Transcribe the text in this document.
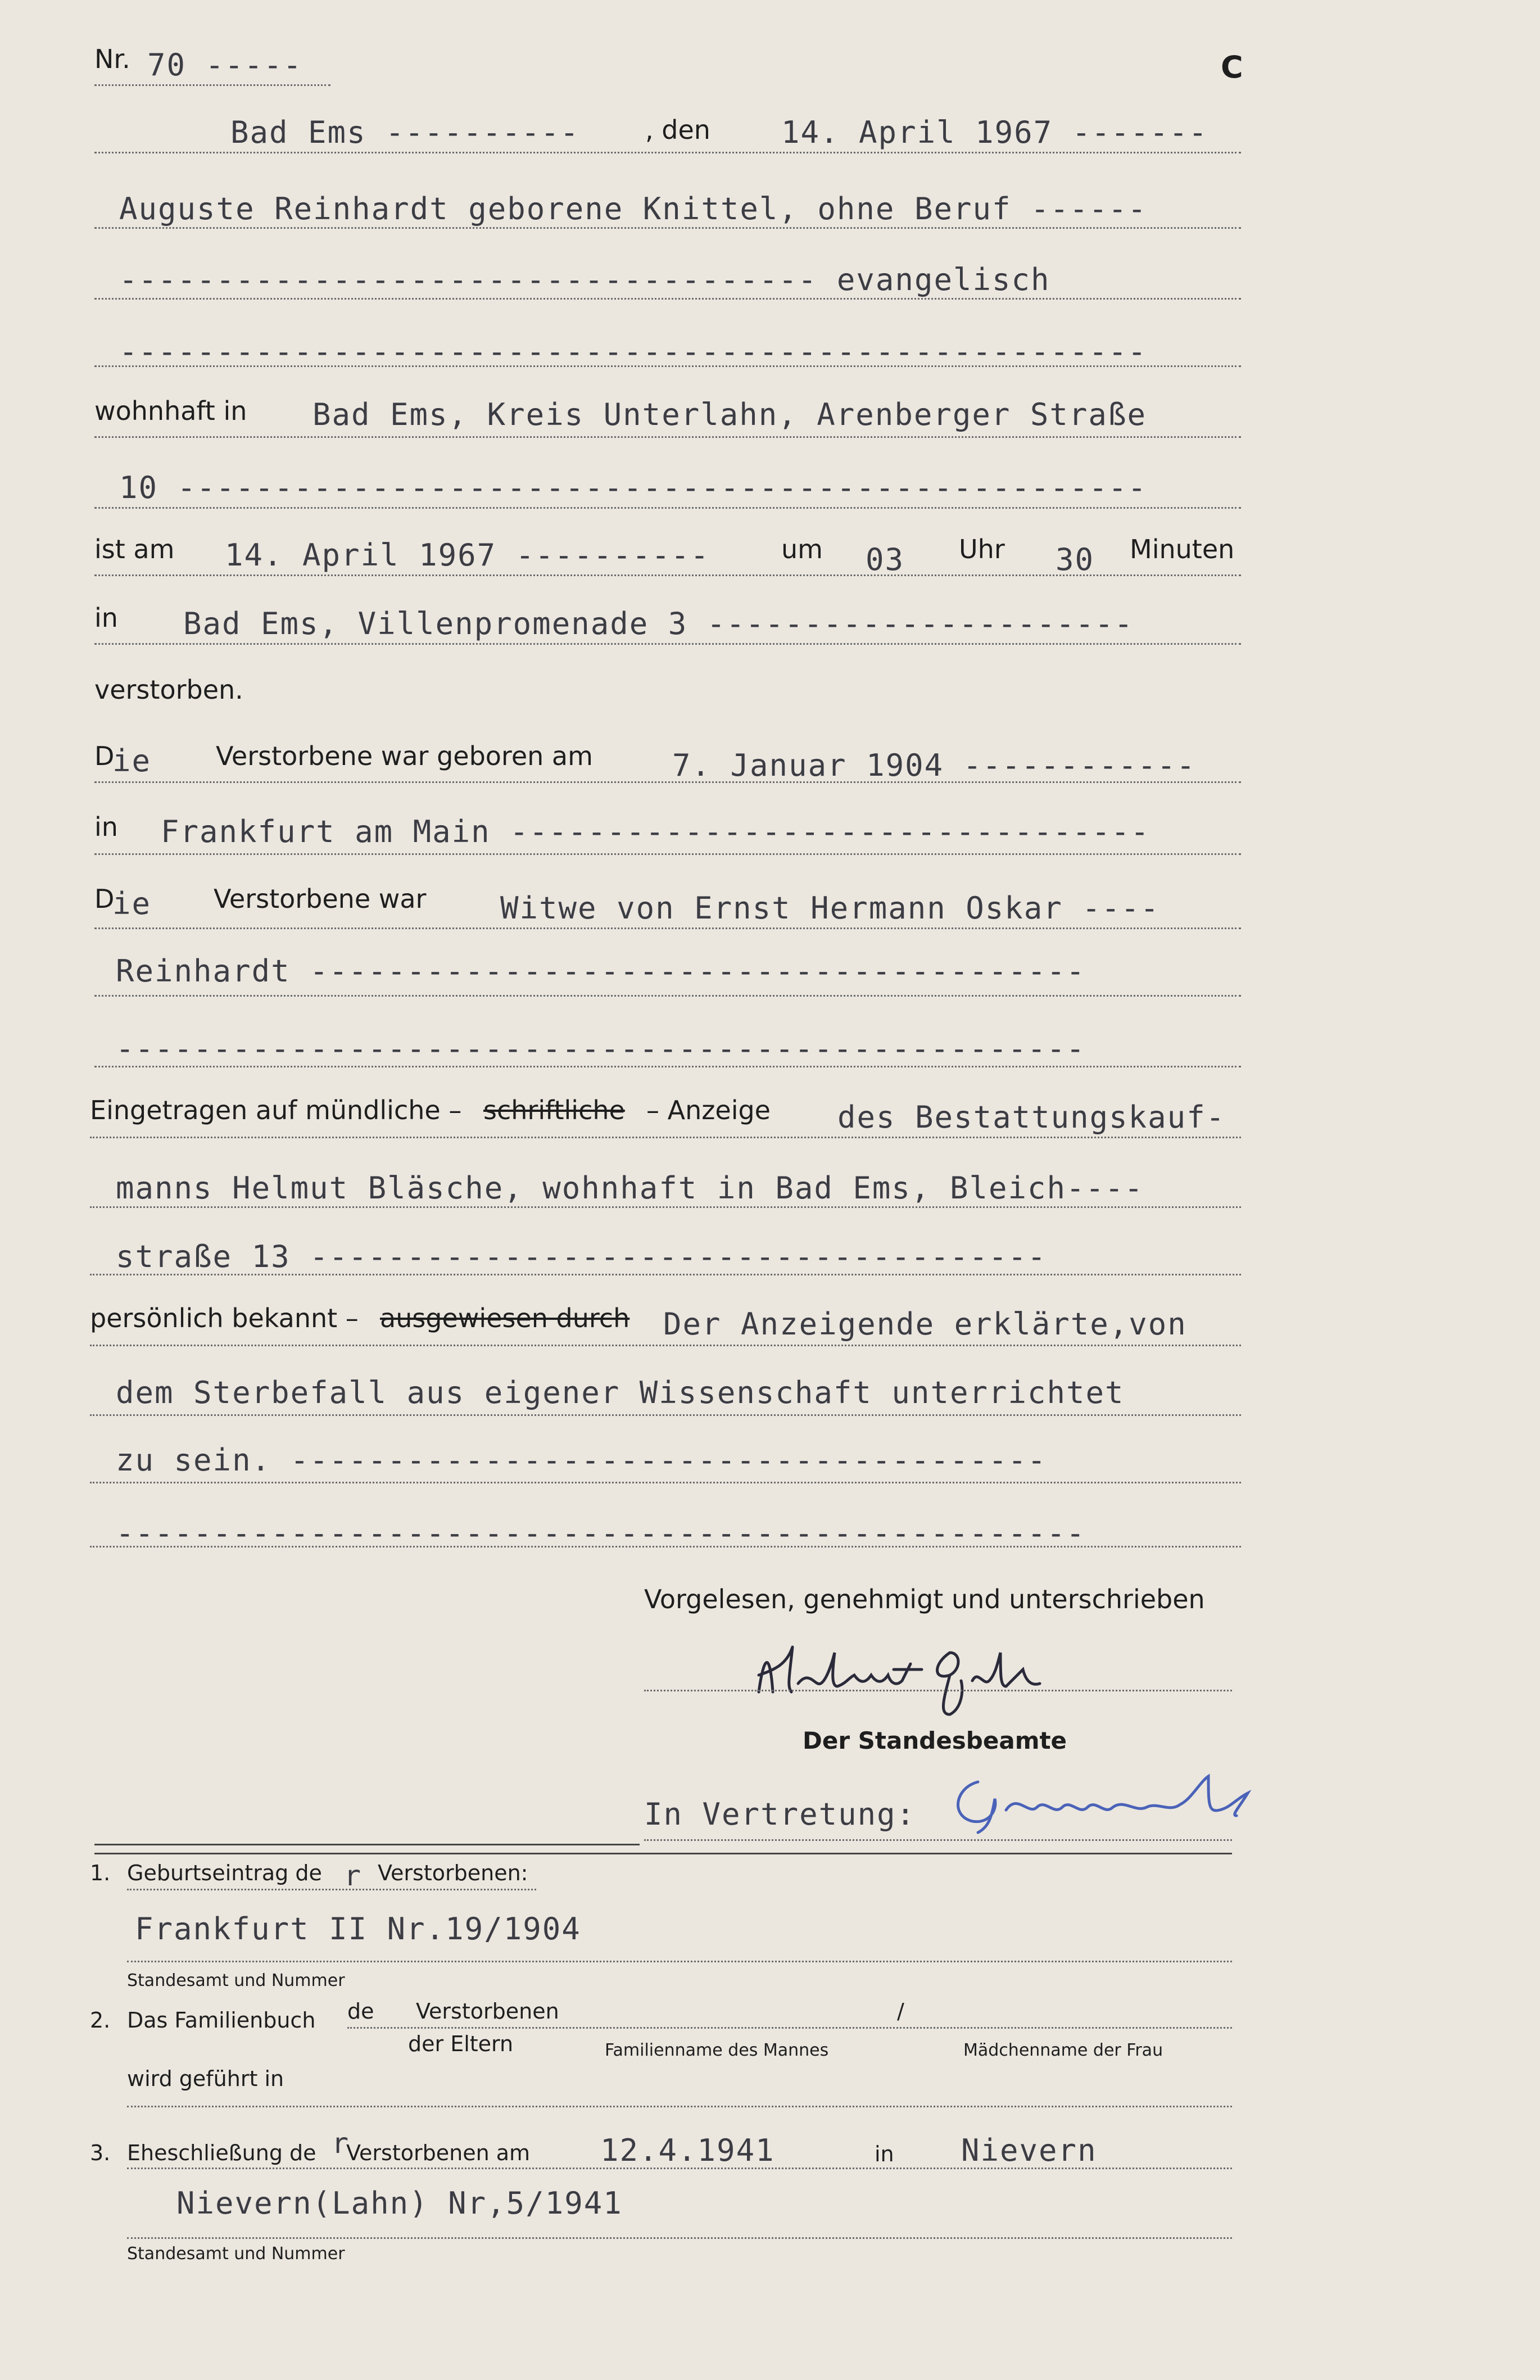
Nr. 70 -----	C
Bad Ems ----------	, den 14. April 1967 -------
Auguste Reinhardt geborene Knittel, ohne Beruf ------
------------------------------------ evangelisch
-----------------------------------------------------
wohnhaft in Bad Ems, Kreis Unterlahn, Arenberger Straße
10 --------------------------------------------------
ist am 14. April 1967 ----------	um 03 Uhr 30 Minuten
in Bad Ems, Villenpromenade 3 ----------------------
verstorben.
D
ie Verstorbene war geboren am	7. Januar 1904 ------------
in Frankfurt am Main ---------------------------------
D
ie Verstorbene war Witwe von Ernst Hermann Oskar ----
Reinhardt ----------------------------------------
--------------------------------------------------
Eingetragen auf mündliche – schriftliche – Anzeige des Bestattungskauf-
manns Helmut Bläsche, wohnhaft in Bad Ems, Bleich----
straße 13 --------------------------------------
persönlich bekannt – ausgewiesen durch Der Anzeigende erklärte,von
dem Sterbefall aus eigener Wissenschaft unterrichtet
zu sein. ---------------------------------------
--------------------------------------------------
Vorgelesen, genehmigt und unterschrieben
Der Standesbeamte
In Vertretung:
1. Geburtseintrag de r Verstorbenen:
Frankfurt II Nr.19/1904
Standesamt und Nummer
2. Das Familienbuch de Verstorbenen
der Eltern
/
Familienname des Mannes	Mädchenname der Frau
wird geführt in
3. Eheschließung de r
Verstorbenen am 12.4.1941	in Nievern
Nievern(Lahn) Nr,5/1941
Standesamt und Nummer
